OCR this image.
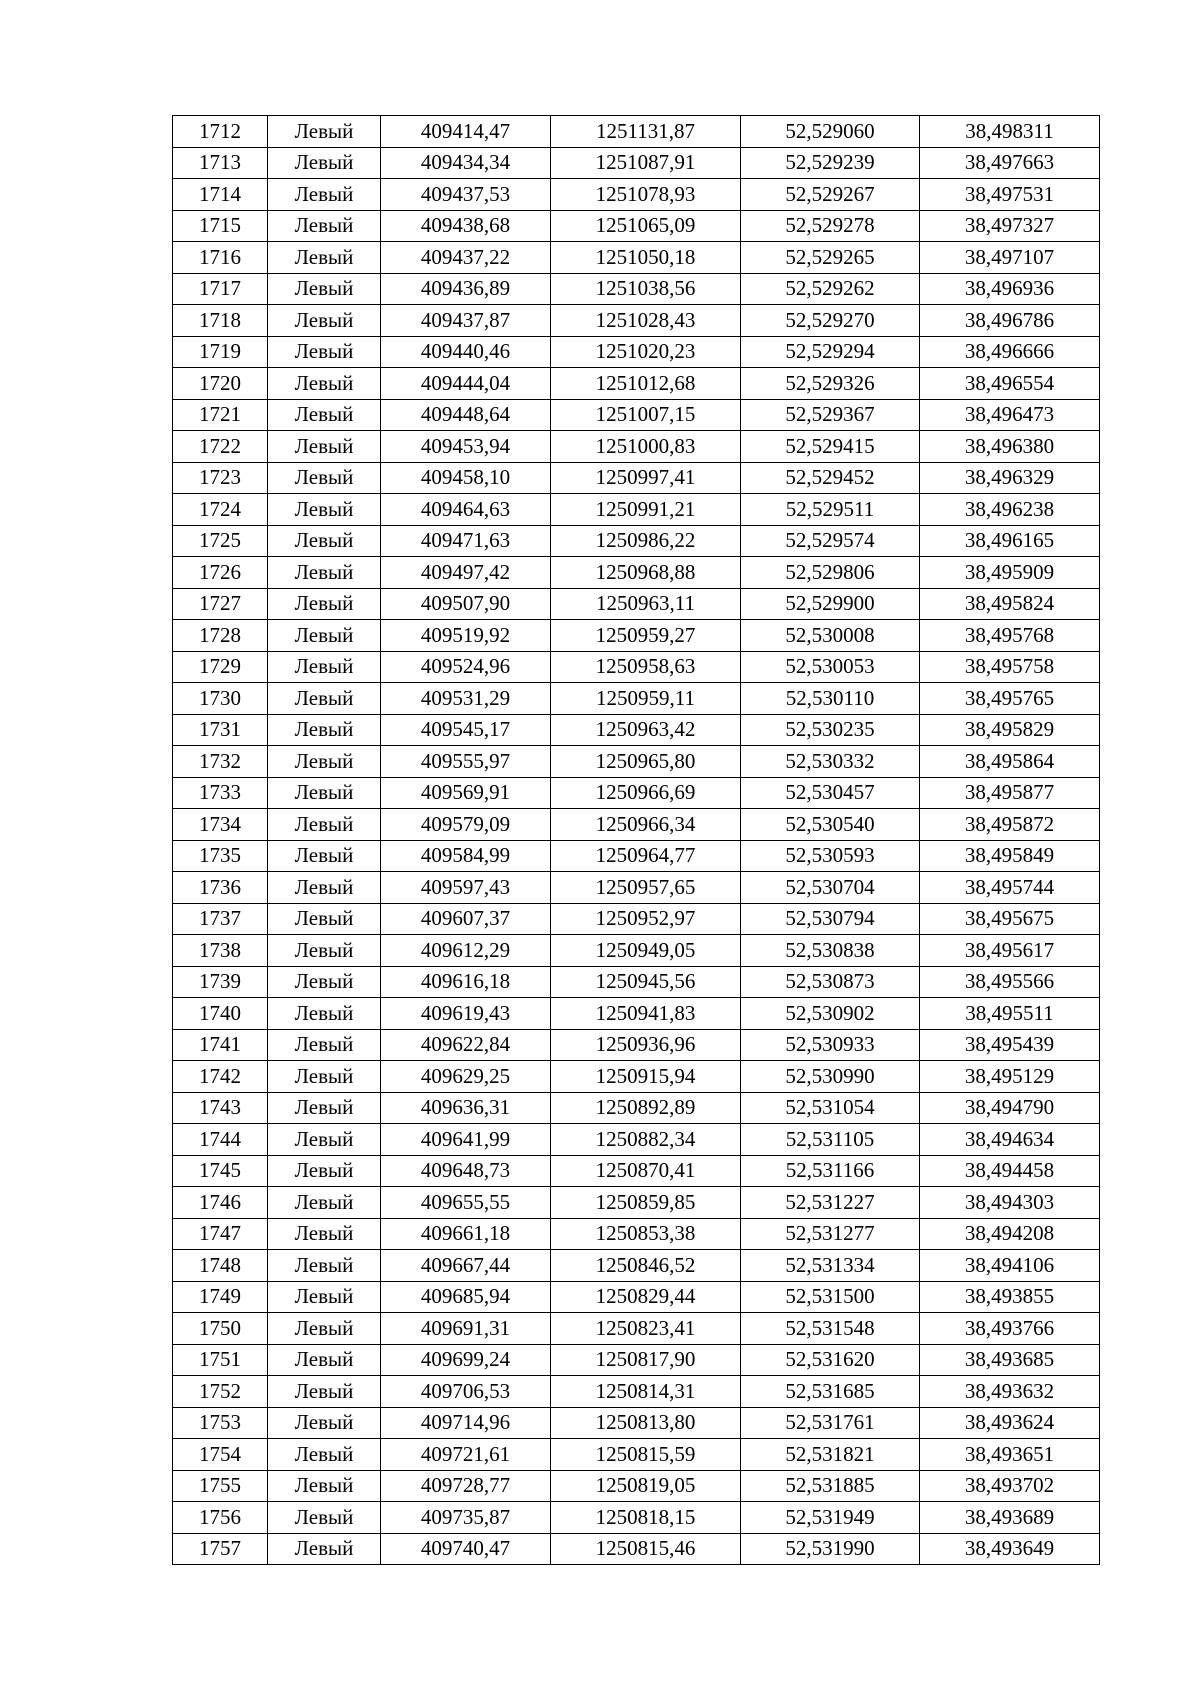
1712	Левый	409414,47	1251131,87	52,529060	38,498311
1713	Левый	409434,34	1251087,91	52,529239	38,497663
1714	Левый	409437,53	1251078,93	52,529267	38,497531
1715	Левый	409438,68	1251065,09	52,529278	38,497327
1716	Левый	409437,22	1251050,18	52,529265	38,497107
1717	Левый	409436,89	1251038,56	52,529262	38,496936
1718	Левый	409437,87	1251028,43	52,529270	38,496786
1719	Левый	409440,46	1251020,23	52,529294	38,496666
1720	Левый	409444,04	1251012,68	52,529326	38,496554
1721	Левый	409448,64	1251007,15	52,529367	38,496473
1722	Левый	409453,94	1251000,83	52,529415	38,496380
1723	Левый	409458,10	1250997,41	52,529452	38,496329
1724	Левый	409464,63	1250991,21	52,529511	38,496238
1725	Левый	409471,63	1250986,22	52,529574	38,496165
1726	Левый	409497,42	1250968,88	52,529806	38,495909
1727	Левый	409507,90	1250963,11	52,529900	38,495824
1728	Левый	409519,92	1250959,27	52,530008	38,495768
1729	Левый	409524,96	1250958,63	52,530053	38,495758
1730	Левый	409531,29	1250959,11	52,530110	38,495765
1731	Левый	409545,17	1250963,42	52,530235	38,495829
1732	Левый	409555,97	1250965,80	52,530332	38,495864
1733	Левый	409569,91	1250966,69	52,530457	38,495877
1734	Левый	409579,09	1250966,34	52,530540	38,495872
1735	Левый	409584,99	1250964,77	52,530593	38,495849
1736	Левый	409597,43	1250957,65	52,530704	38,495744
1737	Левый	409607,37	1250952,97	52,530794	38,495675
1738	Левый	409612,29	1250949,05	52,530838	38,495617
1739	Левый	409616,18	1250945,56	52,530873	38,495566
1740	Левый	409619,43	1250941,83	52,530902	38,495511
1741	Левый	409622,84	1250936,96	52,530933	38,495439
1742	Левый	409629,25	1250915,94	52,530990	38,495129
1743	Левый	409636,31	1250892,89	52,531054	38,494790
1744	Левый	409641,99	1250882,34	52,531105	38,494634
1745	Левый	409648,73	1250870,41	52,531166	38,494458
1746	Левый	409655,55	1250859,85	52,531227	38,494303
1747	Левый	409661,18	1250853,38	52,531277	38,494208
1748	Левый	409667,44	1250846,52	52,531334	38,494106
1749	Левый	409685,94	1250829,44	52,531500	38,493855
1750	Левый	409691,31	1250823,41	52,531548	38,493766
1751	Левый	409699,24	1250817,90	52,531620	38,493685
1752	Левый	409706,53	1250814,31	52,531685	38,493632
1753	Левый	409714,96	1250813,80	52,531761	38,493624
1754	Левый	409721,61	1250815,59	52,531821	38,493651
1755	Левый	409728,77	1250819,05	52,531885	38,493702
1756	Левый	409735,87	1250818,15	52,531949	38,493689
1757	Левый	409740,47	1250815,46	52,531990	38,493649
